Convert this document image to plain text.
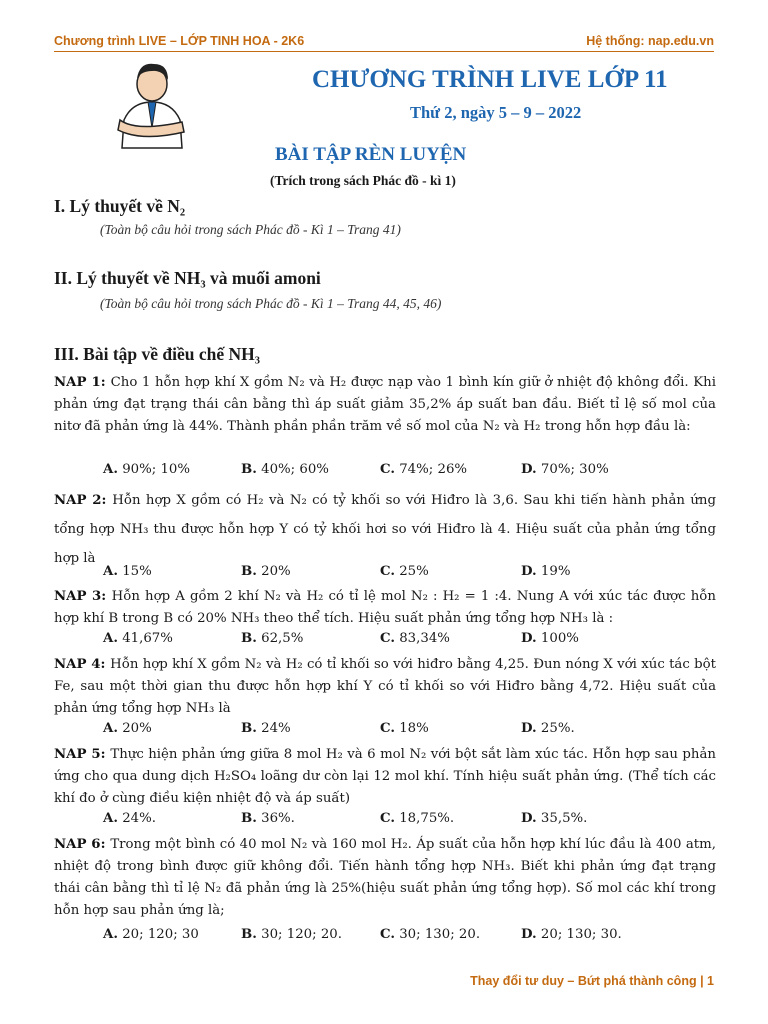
Chương trình LIVE – LỚP TINH HOA - 2K6	Hệ thống: nap.edu.vn
CHƯƠNG TRÌNH LIVE LỚP 11
Thứ 2, ngày 5 – 9 – 2022
BÀI TẬP RÈN LUYỆN
(Trích trong sách Phác đồ - kì 1)
I. Lý thuyết về N₂
(Toàn bộ câu hỏi trong sách Phác đồ - Kì 1 – Trang 41)
II. Lý thuyết về NH₃ và muối amoni
(Toàn bộ câu hỏi trong sách Phác đồ - Kì 1 – Trang 44, 45, 46)
III. Bài tập về điều chế NH₃
NAP 1: Cho 1 hỗn hợp khí X gồm N₂ và H₂ được nạp vào 1 bình kín giữ ở nhiệt độ không đổi. Khi phản ứng đạt trạng thái cân bằng thì áp suất giảm 35,2% áp suất ban đầu. Biết tỉ lệ số mol của nitơ đã phản ứng là 44%. Thành phần phần trăm về số mol của N₂ và H₂ trong hỗn hợp đầu là:
A. 90%; 10%	B. 40%; 60%	C. 74%; 26%	D. 70%; 30%
NAP 2: Hỗn hợp X gồm có H₂ và N₂ có tỷ khối so với Hiđro là 3,6. Sau khi tiến hành phản ứng tổng hợp NH₃ thu được hỗn hợp Y có tỷ khối hơi so với Hiđro là 4. Hiệu suất của phản ứng tổng hợp là
A. 15%	B. 20%	C. 25%	D. 19%
NAP 3: Hỗn hợp A gồm 2 khí N₂ và H₂ có tỉ lệ mol N₂ : H₂ = 1 :4. Nung A với xúc tác được hỗn hợp khí B trong B có 20% NH₃ theo thể tích. Hiệu suất phản ứng tổng hợp NH₃ là :
A. 41,67%	B. 62,5%	C. 83,34%	D. 100%
NAP 4: Hỗn hợp khí X gồm N₂ và H₂ có tỉ khối so với hiđro bằng 4,25. Đun nóng X với xúc tác bột Fe, sau một thời gian thu được hỗn hợp khí Y có tỉ khối so với Hiđro bằng 4,72. Hiệu suất của phản ứng tổng hợp NH₃ là
A. 20%	B. 24%	C. 18%	D. 25%.
NAP 5: Thực hiện phản ứng giữa 8 mol H₂ và 6 mol N₂ với bột sắt làm xúc tác. Hỗn hợp sau phản ứng cho qua dung dịch H₂SO₄ loãng dư còn lại 12 mol khí. Tính hiệu suất phản ứng. (Thể tích các khí đo ở cùng điều kiện nhiệt độ và áp suất)
A. 24%.	B. 36%.	C. 18,75%.	D. 35,5%.
NAP 6: Trong một bình có 40 mol N₂ và 160 mol H₂. Áp suất của hỗn hợp khí lúc đầu là 400 atm, nhiệt độ trong bình được giữ không đổi. Tiến hành tổng hợp NH₃. Biết khi phản ứng đạt trạng thái cân bằng thì tỉ lệ N₂ đã phản ứng là 25%(hiệu suất phản ứng tổng hợp). Số mol các khí trong hỗn hợp sau phản ứng là;
A. 20; 120; 30	B. 30; 120; 20.	C. 30; 130; 20.	D. 20; 130; 30.
Thay đổi tư duy – Bứt phá thành công | 1
